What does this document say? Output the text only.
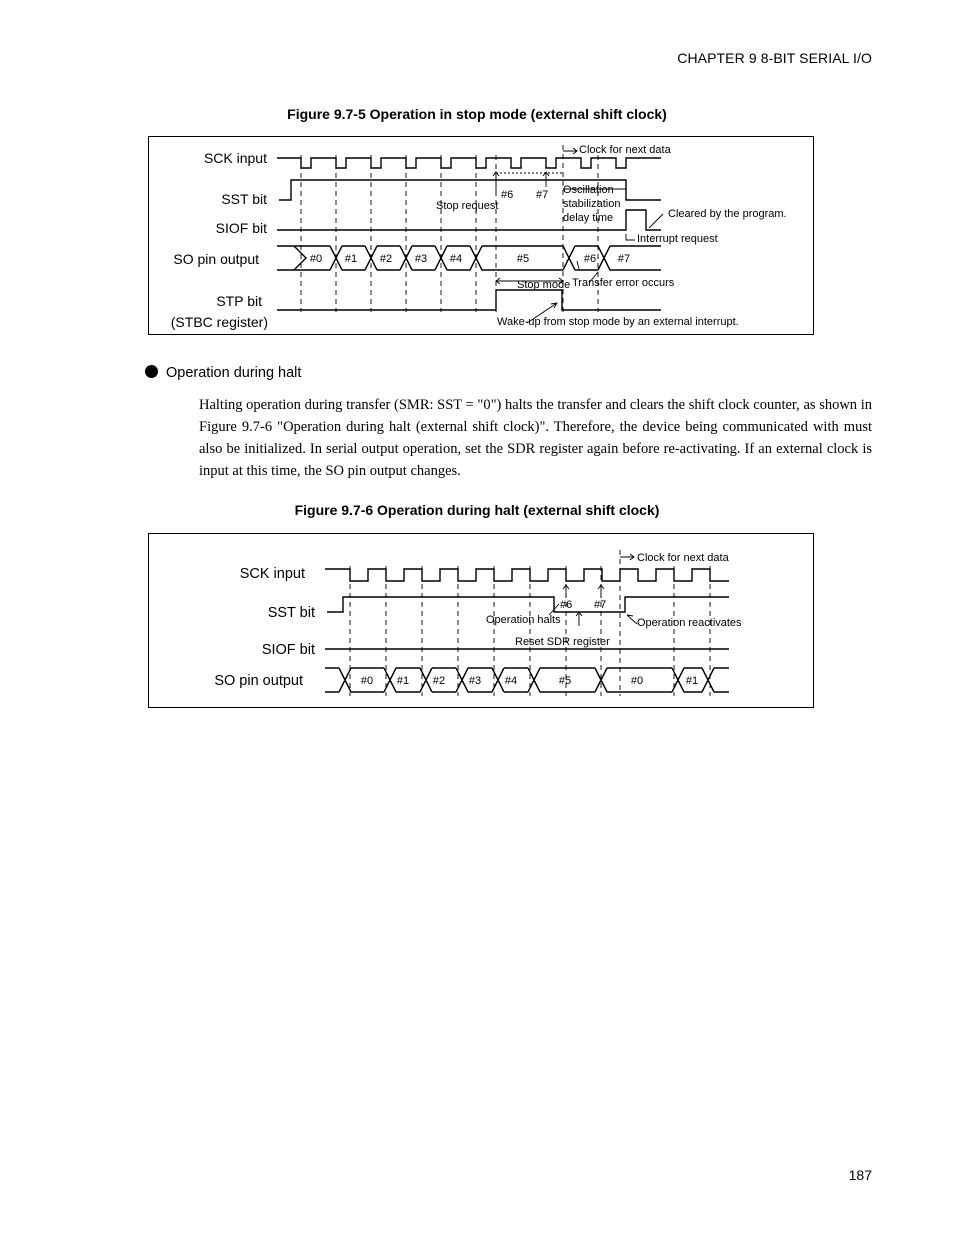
CHAPTER 9 8-BIT SERIAL I/O
Figure 9.7-5 Operation in stop mode (external shift clock)
SCK input
SST bit
SIOF bit
SO pin output
STP bit
(STBC register)
#0 #1 #2 #3 #4	#5	#6 #7
Clock for next data
#6 #7
Stop request
Oscillation
stabilization
delay time	Cleared by the program.
Interrupt request
Stop mode Transfer error occurs
Wake-up from stop mode by an external interrupt.
Operation during halt
Halting operation during transfer (SMR: SST = "0") halts the transfer and clears the shift clock counter, as shown in Figure 9.7-6 "Operation during halt (external shift clock)". Therefore, the device being communicated with must also be initialized. In serial output operation, set the SDR register again before re-activating. If an external clock is input at this time, the SO pin output changes.
Figure 9.7-6 Operation during halt (external shift clock)
SCK input
SST bit
SIOF bit
SO pin output	#0 #1 #2 #3 #4	#5	#0	#1
Clock for next data
#6 #7
Operation halts	Operation reactivates
Reset SDR register
187
